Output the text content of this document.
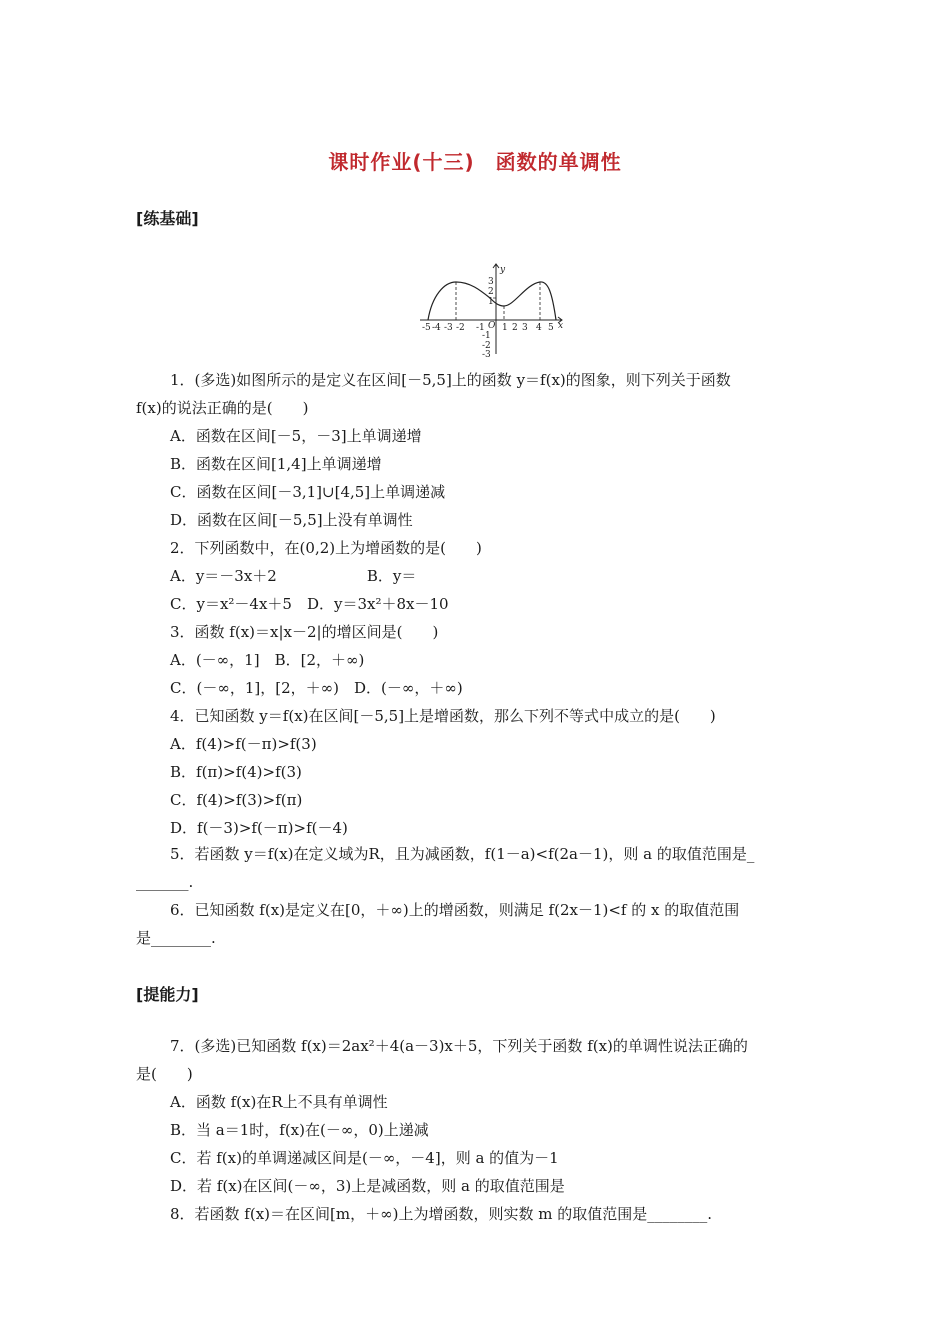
课时作业(十三)　函数的单调性
[练基础]
-5 -4 -3 -2 -1 O 1 2 3 4 5 x
3
2
1
-1
-2
-3
y
1．(多选)如图所示的是定义在区间[－5,5]上的函数 y＝f(x)的图象，则下列关于函数
f(x)的说法正确的是(　　)
A．函数在区间[－5，－3]上单调递增
B．函数在区间[1,4]上单调递增
C．函数在区间[－3,1]∪[4,5]上单调递减
D．函数在区间[－5,5]上没有单调性
2．下列函数中，在(0,2)上为增函数的是(　　)
A．y＝－3x＋2　　　　　　B．y＝
C．y＝x²－4x＋5　D．y＝3x²＋8x－10
3．函数 f(x)＝x|x－2|的增区间是(　　)
A．(－∞，1]　B．[2，＋∞)
C．(－∞，1]，[2，＋∞)　D．(－∞，＋∞)
4．已知函数 y＝f(x)在区间[－5,5]上是增函数，那么下列不等式中成立的是(　　)
A．f(4)>f(－π)>f(3)
B．f(π)>f(4)>f(3)
C．f(4)>f(3)>f(π)
D．f(－3)>f(－π)>f(－4)
5．若函数 y＝f(x)在定义域为R，且为减函数，f(1－a)<f(2a－1)，则 a 的取值范围是_
_______.
6．已知函数 f(x)是定义在[0，＋∞)上的增函数，则满足 f(2x－1)<f 的 x 的取值范围
是________.
[提能力]
7．(多选)已知函数 f(x)＝2ax²＋4(a－3)x＋5，下列关于函数 f(x)的单调性说法正确的
是(　　)
A．函数 f(x)在R上不具有单调性
B．当 a＝1时，f(x)在(－∞，0)上递减
C．若 f(x)的单调递减区间是(－∞，－4]，则 a 的值为－1
D．若 f(x)在区间(－∞，3)上是减函数，则 a 的取值范围是
8．若函数 f(x)＝在区间[m，＋∞)上为增函数，则实数 m 的取值范围是________.
